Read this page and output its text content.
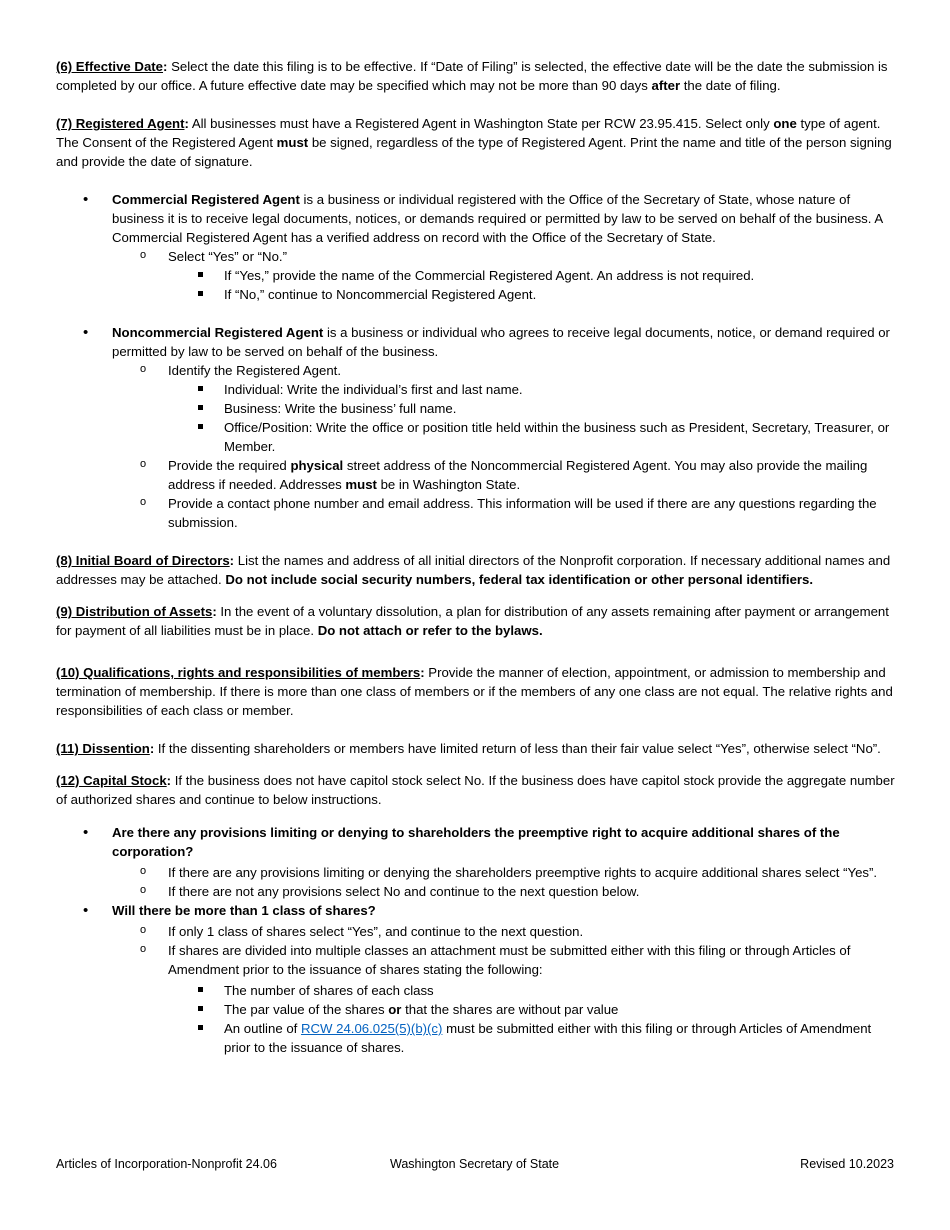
(6) Effective Date: Select the date this filing is to be effective. If “Date of Filing” is selected, the effective date will be the date the submission is completed by our office. A future effective date may be specified which may not be more than 90 days after the date of filing.

(7) Registered Agent: All businesses must have a Registered Agent in Washington State per RCW 23.95.415. Select only one type of agent. The Consent of the Registered Agent must be signed, regardless of the type of Registered Agent. Print the name and title of the person signing and provide the date of signature.

• Commercial Registered Agent is a business or individual registered with the Office of the Secretary of State, whose nature of business it is to receive legal documents, notices, or demands required or permitted by law to be served on behalf of the business. A Commercial Registered Agent has a verified address on record with the Office of the Secretary of State.
o Select “Yes” or “No.”
If “Yes,” provide the name of the Commercial Registered Agent. An address is not required.
If “No,” continue to Noncommercial Registered Agent.
• Noncommercial Registered Agent is a business or individual who agrees to receive legal documents, notice, or demand required or permitted by law to be served on behalf of the business.
o Identify the Registered Agent.
Individual: Write the individual’s first and last name.
Business: Write the business’ full name.
Office/Position: Write the office or position title held within the business such as President, Secretary, Treasurer, or Member.
o Provide the required physical street address of the Noncommercial Registered Agent. You may also provide the mailing address if needed. Addresses must be in Washington State.
o Provide a contact phone number and email address. This information will be used if there are any questions regarding the submission.

(8) Initial Board of Directors: List the names and address of all initial directors of the Nonprofit corporation. If necessary additional names and addresses may be attached. Do not include social security numbers, federal tax identification or other personal identifiers.

(9) Distribution of Assets: In the event of a voluntary dissolution, a plan for distribution of any assets remaining after payment or arrangement for payment of all liabilities must be in place. Do not attach or refer to the bylaws.

(10) Qualifications, rights and responsibilities of members: Provide the manner of election, appointment, or admission to membership and termination of membership. If there is more than one class of members or if the members of any one class are not equal. The relative rights and responsibilities of each class or member.

(11) Dissention: If the dissenting shareholders or members have limited return of less than their fair value select “Yes”, otherwise select “No”.

(12) Capital Stock: If the business does not have capitol stock select No. If the business does have capitol stock provide the aggregate number of authorized shares and continue to below instructions.

• Are there any provisions limiting or denying to shareholders the preemptive right to acquire additional shares of the corporation?
o If there are any provisions limiting or denying the shareholders preemptive rights to acquire additional shares select “Yes”.
o If there are not any provisions select No and continue to the next question below.
• Will there be more than 1 class of shares?
o If only 1 class of shares select “Yes”, and continue to the next question.
o If shares are divided into multiple classes an attachment must be submitted either with this filing or through Articles of Amendment prior to the issuance of shares stating the following:
The number of shares of each class
The par value of the shares or that the shares are without par value
An outline of RCW 24.06.025(5)(b)(c) must be submitted either with this filing or through Articles of Amendment prior to the issuance of shares.
Articles of Incorporation-Nonprofit 24.06	Washington Secretary of State	Revised 10.2023
